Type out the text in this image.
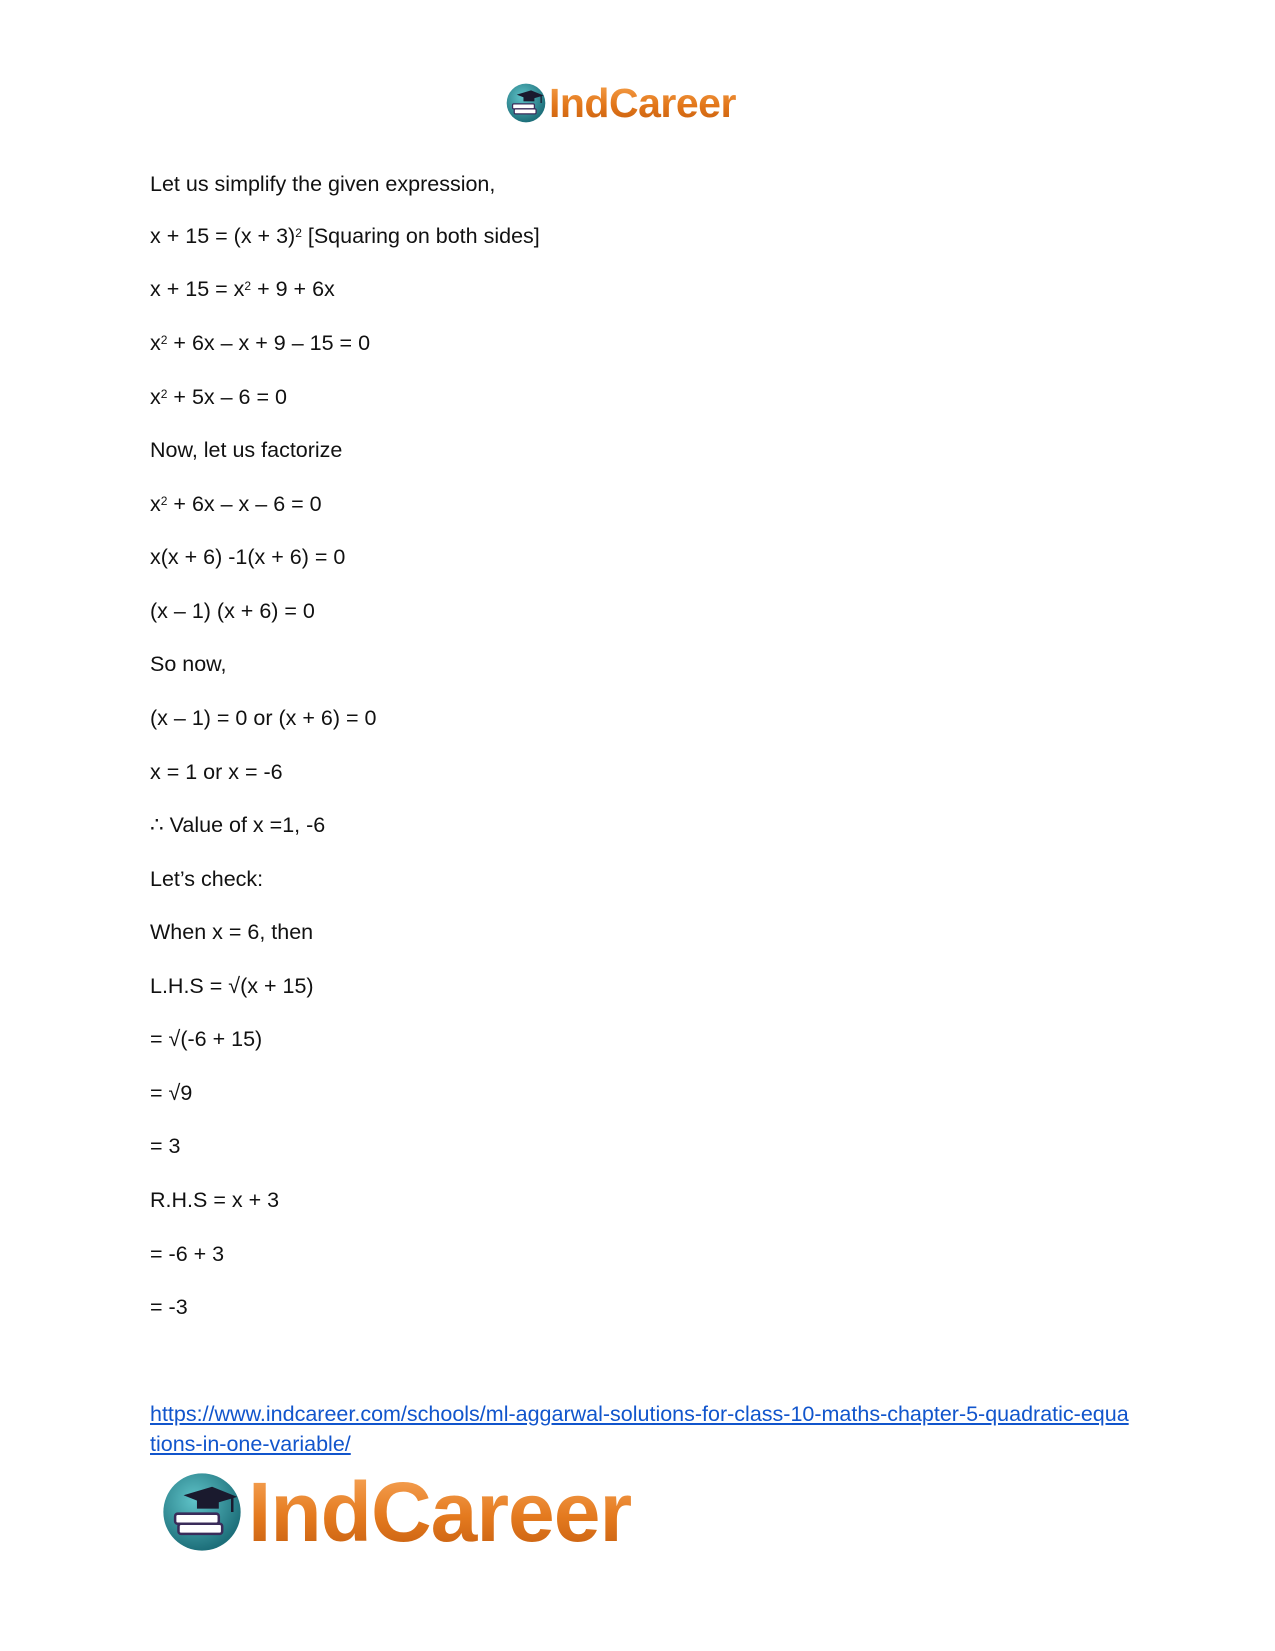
IndCareer
Let us simplify the given expression,
$x + 15 = (x + 3)^2$ [Squaring on both sides]
$x + 15 = x^2 + 9 + 6x$
$x^2 + 6x - x + 9 - 15 = 0$
$x^2 + 5x - 6 = 0$
Now, let us factorize
$x^2 + 6x - x - 6 = 0$
x(x + 6) -1(x + 6) = 0
(x – 1) (x + 6) = 0
So now,
(x – 1) = 0 or (x + 6) = 0
x = 1 or x = -6
∴ Value of x =1, -6
Let’s check:
When x = 6, then
L.H.S = √(x + 15)
= √(-6 + 15)
= √9
= 3
R.H.S = x + 3
= -6 + 3
= -3
https://www.indcareer.com/schools/ml-aggarwal-solutions-for-class-10-maths-chapter-5-quadratic-equations-in-one-variable/
IndCareer
